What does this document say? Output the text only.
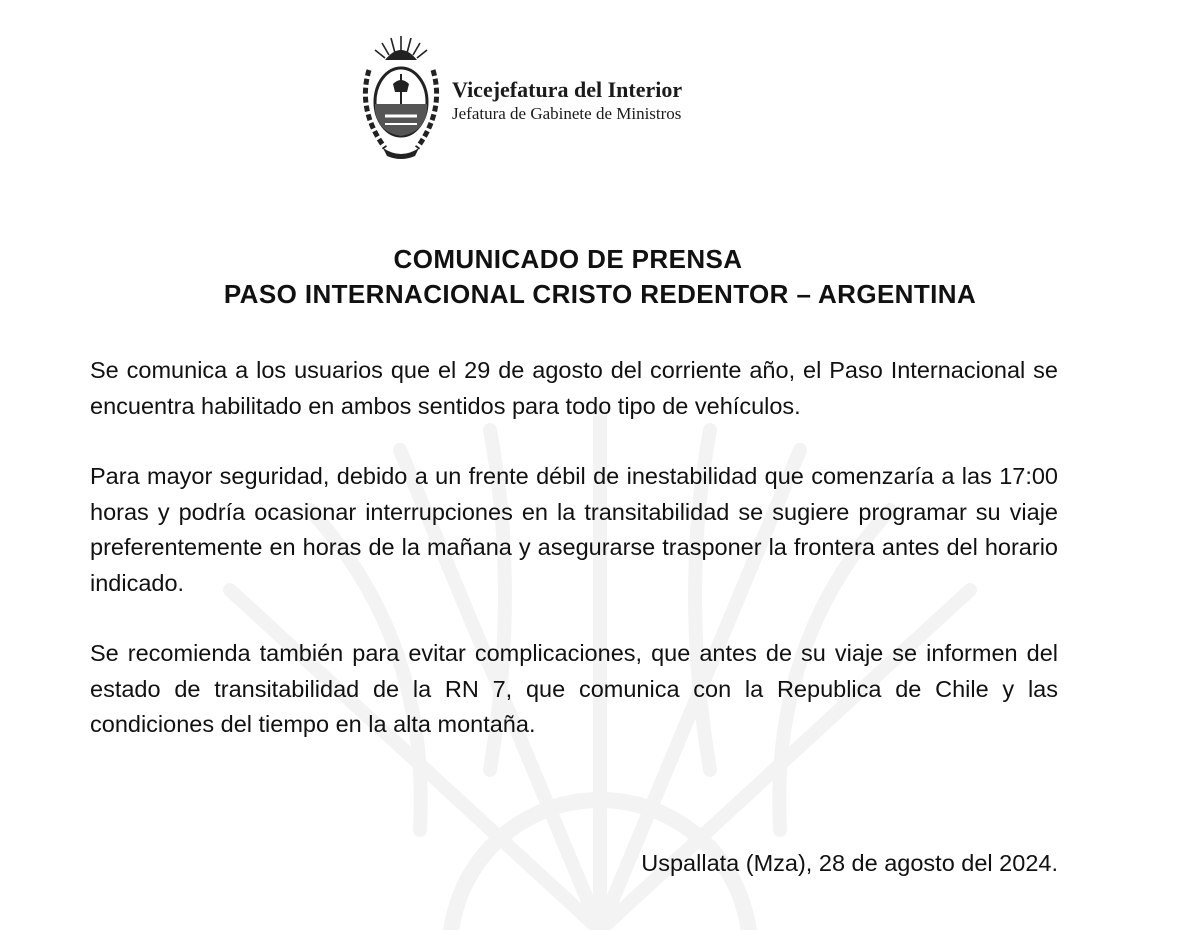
Vicejefatura del Interior
Jefatura de Gabinete de Ministros
COMUNICADO DE PRENSA
PASO INTERNACIONAL CRISTO REDENTOR – ARGENTINA

Se comunica a los usuarios que el 29 de agosto del corriente año, el Paso Internacional se encuentra habilitado en ambos sentidos para todo tipo de vehículos.

Para mayor seguridad, debido a un frente débil de inestabilidad que comenzaría a las 17:00 horas y podría ocasionar interrupciones en la transitabilidad se sugiere programar su viaje preferentemente en horas de la mañana y asegurarse trasponer la frontera antes del horario indicado.

Se recomienda también para evitar complicaciones, que antes de su viaje se informen del estado de transitabilidad de la RN 7, que comunica con la Republica de Chile y las condiciones del tiempo en la alta montaña.

Uspallata (Mza), 28 de agosto del 2024.
